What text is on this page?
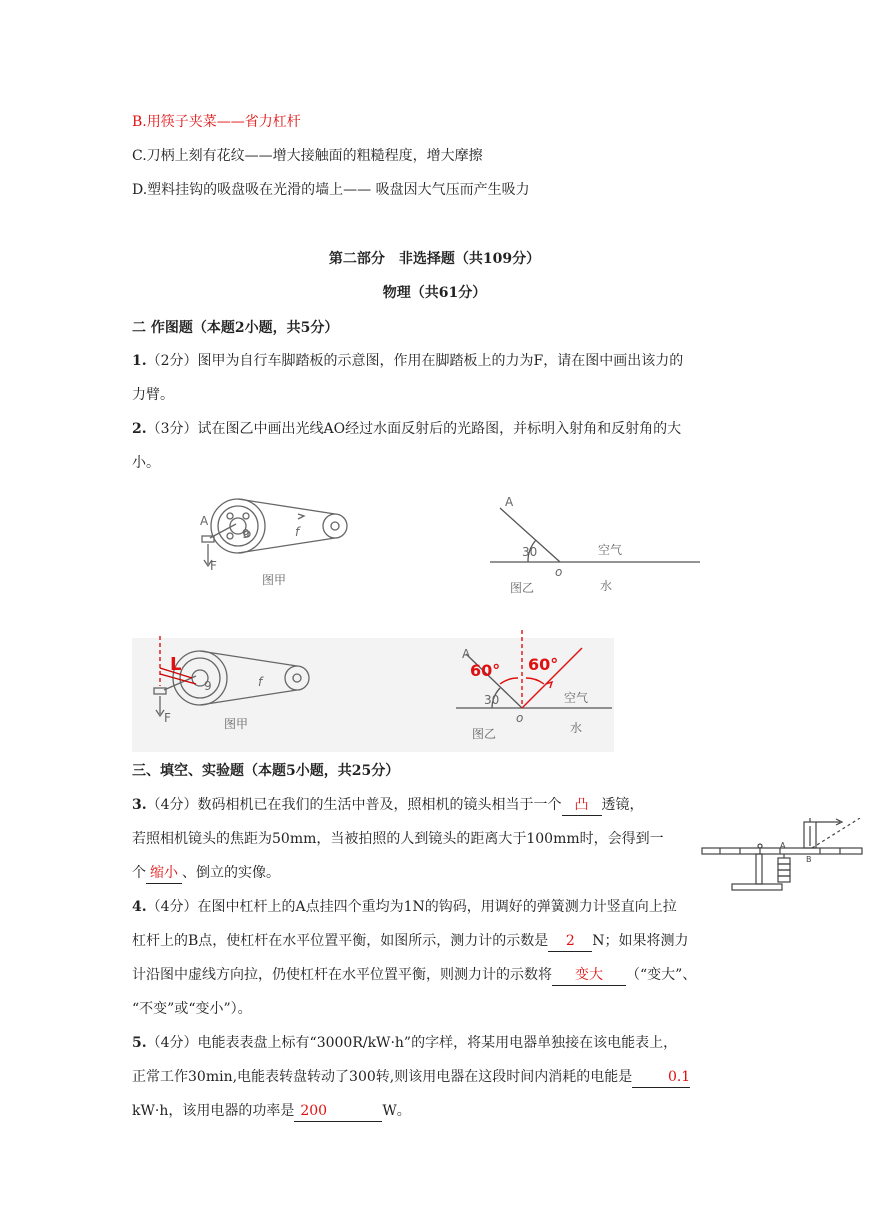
B.用筷子夹菜——省力杠杆
C.刀柄上刻有花纹——增大接触面的粗糙程度，增大摩擦
D.塑料挂钩的吸盘吸在光滑的墙上—— 吸盘因大气压而产生吸力
第二部分　非选择题（共109分）
物理（共61分）
二 作图题（本题2小题，共5分）
1.（2分）图甲为自行车脚踏板的示意图，作用在脚踏板上的力为F，请在图中画出该力的
力臂。
2.（3分）试在图乙中画出光线AO经过水面反射后的光路图，并标明入射角和反射角的大
小。
A
F
f
9
图甲
A
30
o
空气
水
图乙
L
f
9
F	图甲
A
60° 60°
30
o
空气
水
图乙
三、填空、实验题（本题5小题，共25分）
3.（4分）数码相机已在我们的生活中普及，照相机的镜头相当于一个 凸 透镜，
若照相机镜头的焦距为50mm，当被拍照的人到镜头的距离大于100mm时，会得到一
个 缩小 、倒立的实像。
A
B
4.（4分）在图中杠杆上的A点挂四个重均为1N的钩码，用调好的弹簧测力计竖直向上拉
杠杆上的B点，使杠杆在水平位置平衡，如图所示，测力计的示数是 2 N；如果将测力
计沿图中虚线方向拉，仍使杠杆在水平位置平衡，则测力计的示数将 变大 （“变大”、
“不变”或“变小”）。
5.（4分）电能表表盘上标有“3000R/kW·h”的字样，将某用电器单独接在该电能表上，
正常工作30min,电能表转盘转动了300转,则该用电器在这段时间内消耗的电能是	0.1
kW·h，该用电器的功率是 200	W。
